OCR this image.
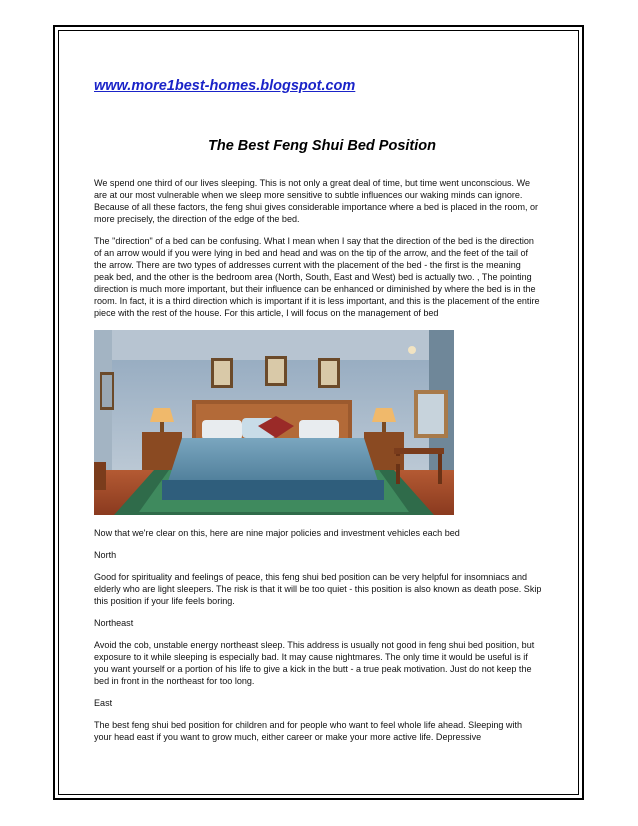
www.more1best-homes.blogspot.com
The Best Feng Shui Bed Position

We spend one third of our lives sleeping. This is not only a great deal of time, but time went unconscious. We are at our most vulnerable when we sleep more sensitive to subtle influences our waking minds can ignore. Because of all these factors, the feng shui gives considerable importance where a bed is placed in the room, or more precisely, the direction of the edge of the bed.

The "direction" of a bed can be confusing. What I mean when I say that the direction of the bed is the direction of an arrow would if you were lying in bed and head and was on the tip of the arrow, and the feet of the tail of the arrow. There are two types of addresses current with the placement of the bed - the first is the meaning peak bed, and the other is the bedroom area (North, South, East and West) bed is actually two. , The pointing direction is much more important, but their influence can be enhanced or diminished by where the bed is in the room. In fact, it is a third direction which is important if it is less important, and this is the placement of the entire piece with the rest of the house. For this article, I will focus on the management of bed

Now that we're clear on this, here are nine major policies and investment vehicles each bed

North

Good for spirituality and feelings of peace, this feng shui bed position can be very helpful for insomniacs and elderly who are light sleepers. The risk is that it will be too quiet - this position is also known as death pose. Skip this position if your life feels boring.

Northeast

Avoid the cob, unstable energy northeast sleep. This address is usually not good in feng shui bed position, but exposure to it while sleeping is especially bad. It may cause nightmares. The only time it would be useful is if you want yourself or a portion of his life to give a kick in the butt - a true peak motivation. Just do not keep the bed in front in the northeast for too long.

East

The best feng shui bed position for children and for people who want to feel whole life ahead. Sleeping with your head east if you want to grow much, either career or make your more active life. Depressive
